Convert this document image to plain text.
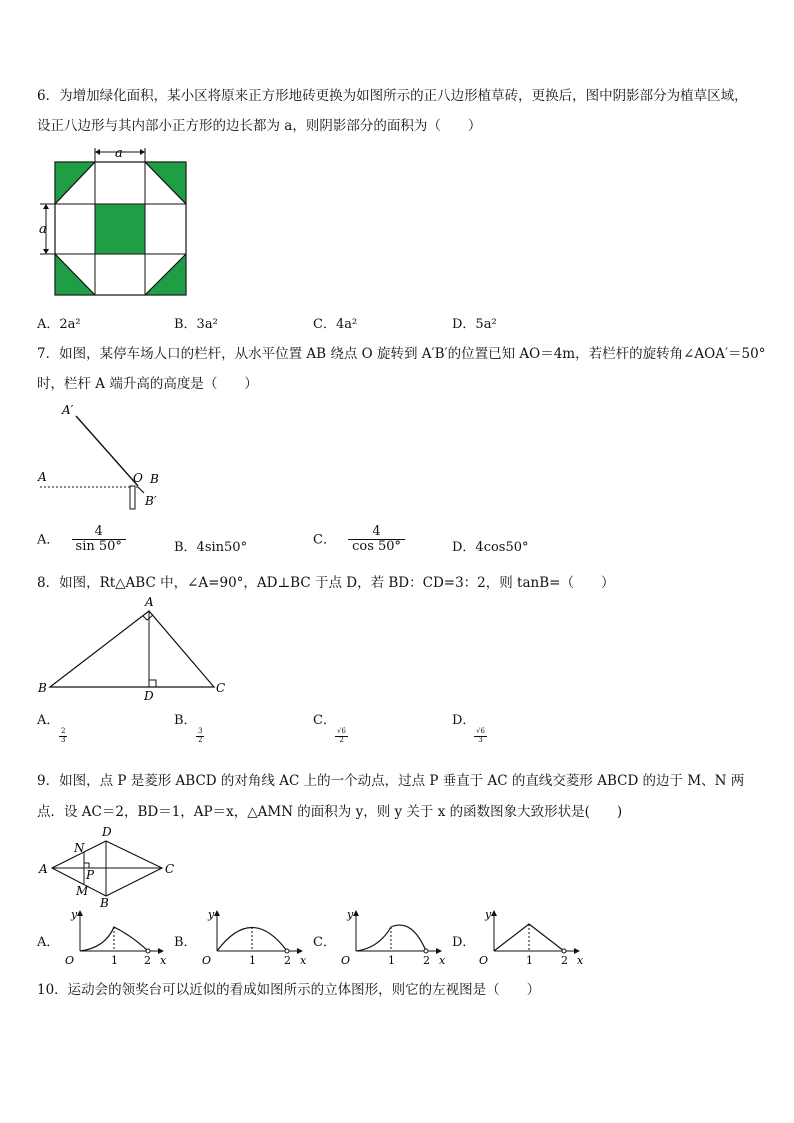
6．为增加绿化面积，某小区将原来正方形地砖更换为如图所示的正八边形植草砖，更换后，图中阴影部分为植草区域，
设正八边形与其内部小正方形的边长都为 a，则阴影部分的面积为（　　）
a
a
A．2a²	B．3a²	C．4a²	D．5a²
7．如图，某停车场人口的栏杆，从水平位置 AB 绕点 O 旋转到 A′B′的位置已知 AO＝4m，若栏杆的旋转角∠AOA′＝50°
时，栏杆 A 端升高的高度是（　　）
A′
A	O B
B′
A． $\frac{4}{\sin 50^\circ}$	B．4sin50°
C． $\frac{4}{\cos 50^\circ}$	D．4cos50°
8．如图，Rt△ABC 中，∠A=90°，AD⊥BC 于点 D，若 BD：CD=3：2，则 tanB=（　　）
A
B
D
C
A．

$\frac{2}{3}$
B．

$\frac{3}{2}$
C．

$\frac{√6}{2}$
D．

$\frac{√6}{3}$
9．如图，点 P 是菱形 ABCD 的对角线 AC 上的一个动点，过点 P 垂直于 AC 的直线交菱形 ABCD 的边于 M、N 两
点．设 AC＝2，BD＝1，AP＝x，△AMN 的面积为 y，则 y 关于 x 的函数图象大致形状是(　　)
D
A	C
B
N
P
M
A．
y
O	1 2 x
B．
y
O	1	2 x
C．
y
O	1	2 x
D．
y
O	1	2 x
10．运动会的领奖台可以近似的看成如图所示的立体图形，则它的左视图是（　　）
